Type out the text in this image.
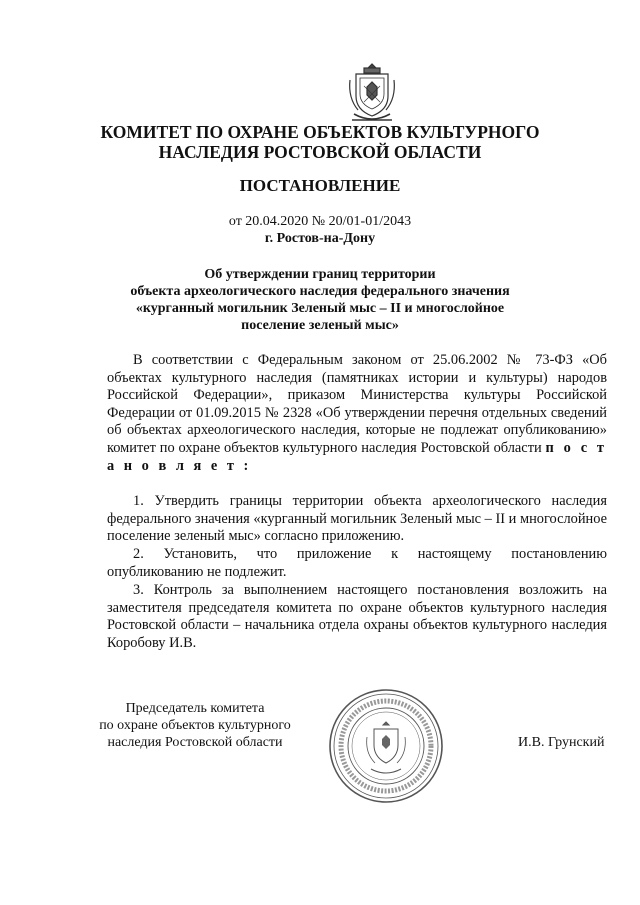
КОМИТЕТ ПО ОХРАНЕ ОБЪЕКТОВ КУЛЬТУРНОГО
НАСЛЕДИЯ РОСТОВСКОЙ ОБЛАСТИ
ПОСТАНОВЛЕНИЕ
от 20.04.2020 № 20/01-01/2043
г. Ростов-на-Дону
Об утверждении границ территории
объекта археологического наследия федерального значения
«курганный могильник Зеленый мыс – II и многослойное
поселение зеленый мыс»
В соответствии с Федеральным законом от 25.06.2002 № 73-ФЗ «Об объектах культурного наследия (памятниках истории и культуры) народов Российской Федерации», приказом Министерства культуры Российской Федерации от 01.09.2015 № 2328 «Об утверждении перечня отдельных сведений об объектах археологического наследия, которые не подлежат опубликованию» комитет по охране объектов культурного наследия Ростовской области п о с т а н о в л я е т :
1. Утвердить границы территории объекта археологического наследия федерального значения «курганный могильник Зеленый мыс – II и многослойное поселение зеленый мыс» согласно приложению.
2. Установить, что приложение к настоящему постановлению опубликованию не подлежит.
3. Контроль за выполнением настоящего постановления возложить на заместителя председателя комитета по охране объектов культурного наследия Ростовской области – начальника отдела охраны объектов культурного наследия Коробову И.В.
Председатель комитета
по охране объектов культурного
наследия Ростовской области	И.В. Грунский
